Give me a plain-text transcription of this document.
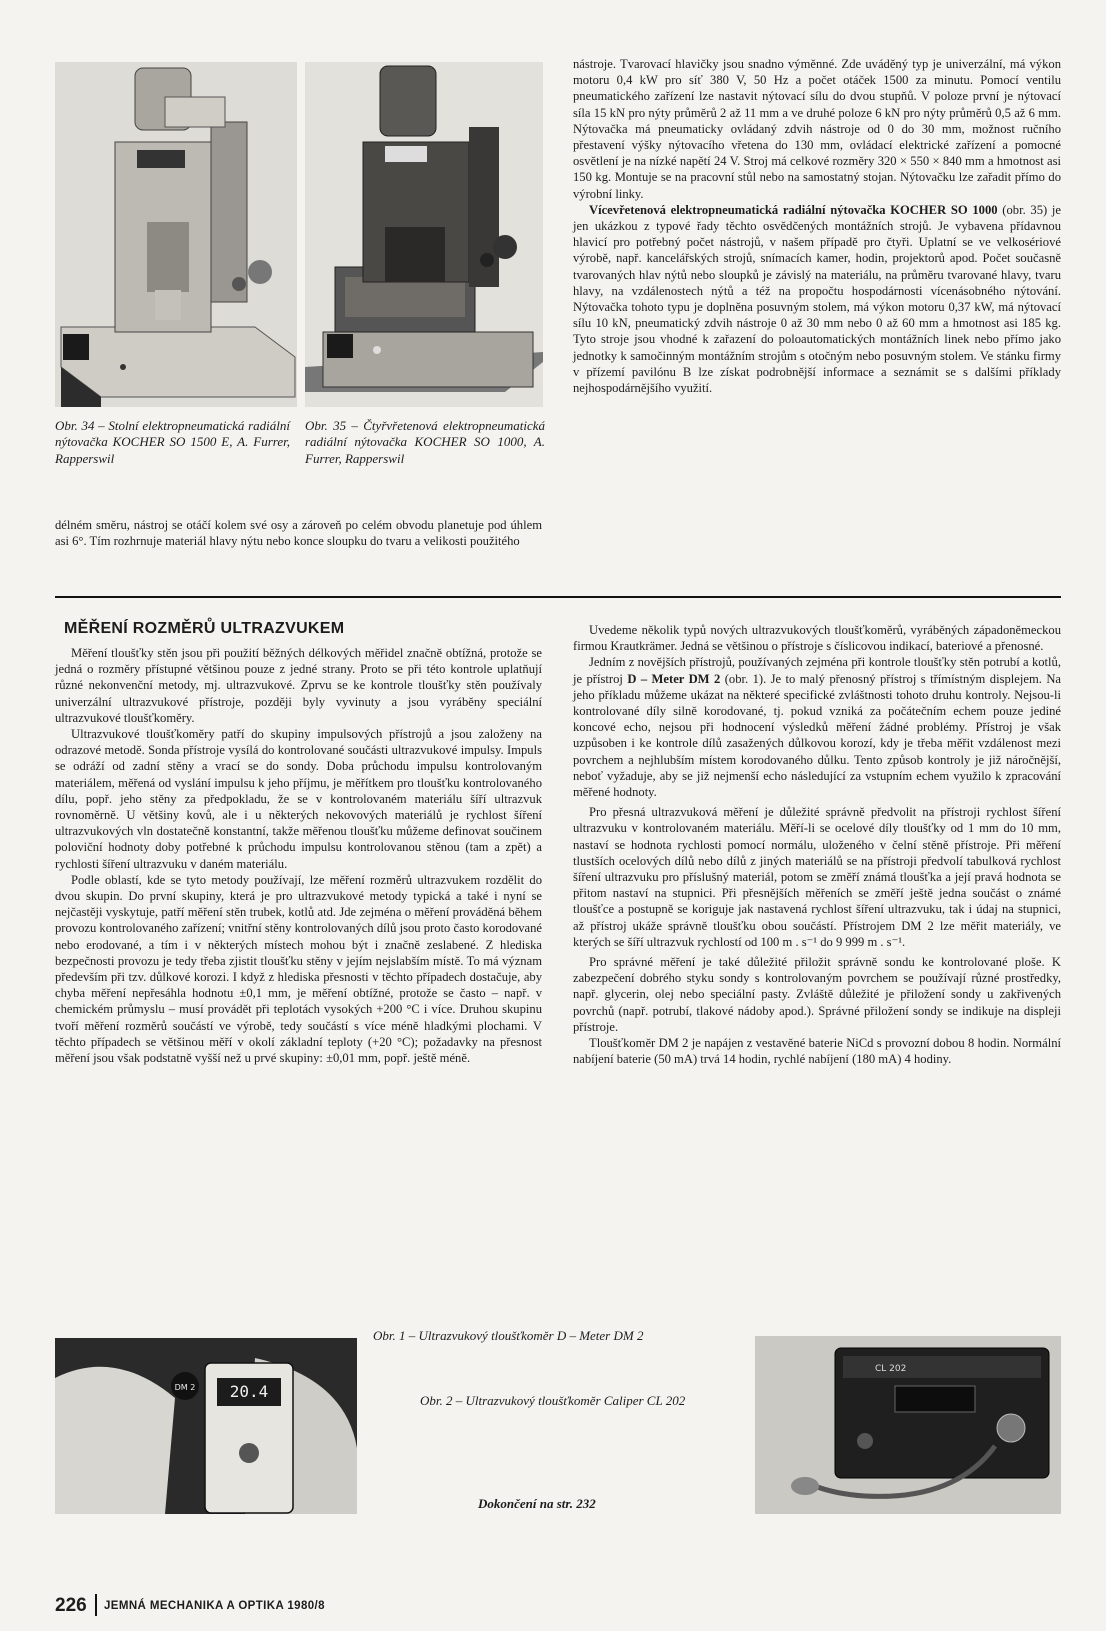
Obr. 34 – Stolní elektropneumatická radiální nýtovačka KOCHER SO 1500 E, A. Furrer, Rapperswil
Obr. 35 – Čtyřvřetenová elektropneumatická radiální nýtovačka KOCHER SO 1000, A. Furrer, Rapperswil

délném směru, nástroj se otáčí kolem své osy a zároveň po celém obvodu planetuje pod úhlem asi 6°. Tím rozhrnuje materiál hlavy nýtu nebo konce sloupku do tvaru a velikosti použitého

nástroje. Tvarovací hlavičky jsou snadno výměnné. Zde uváděný typ je univerzální, má výkon motoru 0,4 kW pro síť 380 V, 50 Hz a počet otáček 1500 za minutu. Pomocí ventilu pneumatického zařízení lze nastavit nýtovací sílu do dvou stupňů. V poloze první je nýtovací síla 15 kN pro nýty průměrů 2 až 11 mm a ve druhé poloze 6 kN pro nýty průměrů 0,5 až 6 mm. Nýtovačka má pneumaticky ovládaný zdvih nástroje od 0 do 30 mm, možnost ručního přestavení výšky nýtovacího vřetena do 130 mm, ovládací elektrické zařízení a pomocné osvětlení je na nízké napětí 24 V. Stroj má celkové rozměry 320 × 550 × 840 mm a hmotnost asi 150 kg. Montuje se na pracovní stůl nebo na samostatný stojan. Nýtovačku lze zařadit přímo do výrobní linky.

Vícevřetenová elektropneumatická radiální nýtovačka KOCHER SO 1000 (obr. 35) je jen ukázkou z typové řady těchto osvědčených montážních strojů. Je vybavena přídavnou hlavicí pro potřebný počet nástrojů, v našem případě pro čtyři. Uplatní se ve velkosériové výrobě, např. kancelářských strojů, snímacích kamer, hodin, projektorů apod. Počet současně tvarovaných hlav nýtů nebo sloupků je závislý na materiálu, na průměru tvarované hlavy, tvaru hlavy, na vzdálenostech nýtů a též na propočtu hospodárnosti vícenásobného nýtování. Nýtovačka tohoto typu je doplněna posuvným stolem, má výkon motoru 0,37 kW, má nýtovací sílu 10 kN, pneumatický zdvih nástroje 0 až 30 mm nebo 0 až 60 mm a hmotnost asi 185 kg. Tyto stroje jsou vhodné k zařazení do poloautomatických montážních linek nebo přímo jako jednotky k samočinným montážním strojům s otočným nebo posuvným stolem. Ve stánku firmy v přízemí pavilónu B lze získat podrobnější informace a seznámit se s dalšími příklady nejhospodárnějšího využití.

MĚŘENÍ ROZMĚRŮ ULTRAZVUKEM

Měření tloušťky stěn jsou při použití běžných délkových měřidel značně obtížná, protože se jedná o rozměry přístupné většinou pouze z jedné strany. Proto se při této kontrole uplatňují různé nekonvenční metody, mj. ultrazvukové. Zprvu se ke kontrole tloušťky stěn používaly univerzální ultrazvukové přístroje, později byly vyvinuty a jsou vyráběny speciální ultrazvukové tloušťkoměry.

Ultrazvukové tloušťkoměry patří do skupiny impulsových přístrojů a jsou založeny na odrazové metodě. Sonda přístroje vysílá do kontrolované součásti ultrazvukové impulsy. Impuls se odráží od zadní stěny a vrací se do sondy. Doba průchodu impulsu kontrolovaným materiálem, měřená od vyslání impulsu k jeho příjmu, je měřítkem pro tloušťku kontrolovaného dílu, popř. jeho stěny za předpokladu, že se v kontrolovaném materiálu šíří ultrazvuk rovnoměrně. U většiny kovů, ale i u některých nekovových materiálů je rychlost šíření ultrazvukových vln dostatečně konstantní, takže měřenou tloušťku můžeme definovat součinem poloviční hodnoty doby potřebné k průchodu impulsu kontrolovanou stěnou (tam a zpět) a rychlosti šíření ultrazvuku v daném materiálu.

Podle oblastí, kde se tyto metody používají, lze měření rozměrů ultrazvukem rozdělit do dvou skupin. Do první skupiny, která je pro ultrazvukové metody typická a také i nyní se nejčastěji vyskytuje, patří měření stěn trubek, kotlů atd. Jde zejména o měření prováděná během provozu kontrolovaného zařízení; vnitřní stěny kontrolovaných dílů jsou proto často korodované nebo erodované, a tím i v některých místech mohou být i značně zeslabené. Z hlediska bezpečnosti provozu je tedy třeba zjistit tloušťku stěny v jejím nejslabším místě. To má význam především při tzv. důlkové korozi. I když z hlediska přesnosti v těchto případech dostačuje, aby chyba měření nepřesáhla hodnotu ±0,1 mm, je měření obtížné, protože se často – např. v chemickém průmyslu – musí provádět při teplotách vysokých +200 °C i více. Druhou skupinu tvoří měření rozměrů součástí ve výrobě, tedy součástí s více méně hladkými plochami. V těchto případech se většinou měří v okolí základní teploty (+20 °C); požadavky na přesnost měření jsou však podstatně vyšší než u prvé skupiny: ±0,01 mm, popř. ještě méně.

Uvedeme několik typů nových ultrazvukových tloušťkoměrů, vyráběných západoněmeckou firmou Krautkrämer. Jedná se většinou o přístroje s číslicovou indikací, bateriové a přenosné.

Jedním z novějších přístrojů, používaných zejména při kontrole tloušťky stěn potrubí a kotlů, je přístroj D – Meter DM 2 (obr. 1). Je to malý přenosný přístroj s třímístným displejem. Na jeho příkladu můžeme ukázat na některé specifické zvláštnosti tohoto druhu kontroly. Nejsou-li kontrolované díly silně korodované, tj. pokud vzniká za počátečním echem pouze jediné koncové echo, nejsou při hodnocení výsledků měření žádné problémy. Přístroj je však uzpůsoben i ke kontrole dílů zasažených důlkovou korozí, kdy je třeba měřit vzdálenost mezi povrchem a nejhlubším místem korodovaného důlku. Tento způsob kontroly je již náročnější, neboť vyžaduje, aby se již nejmenší echo následující za vstupním echem využilo k zpracování měřené hodnoty.

Pro přesná ultrazvuková měření je důležité správně předvolit na přístroji rychlost šíření ultrazvuku v kontrolovaném materiálu. Měří-li se ocelové díly tloušťky od 1 mm do 10 mm, nastaví se hodnota rychlosti pomocí normálu, uloženého v čelní stěně přístroje. Při měření tlustších ocelových dílů nebo dílů z jiných materiálů se na přístroji předvolí tabulková rychlost šíření ultrazvuku pro příslušný materiál, potom se změří známá tloušťka a její pravá hodnota se přitom nastaví na stupnici. Při přesnějších měřeních se změří ještě jedna součást o známé tloušťce a postupně se koriguje jak nastavená rychlost šíření ultrazvuku, tak i údaj na stupnici, až přístroj ukáže správně tloušťku obou součástí. Přístrojem DM 2 lze měřit materiály, ve kterých se šíří ultrazvuk rychlostí od 100 m . s⁻¹ do 9 999 m . s⁻¹.

Pro správné měření je také důležité přiložit správně sondu ke kontrolované ploše. K zabezpečení dobrého styku sondy s kontrolovaným povrchem se používají různé prostředky, např. glycerin, olej nebo speciální pasty. Zvláště důležité je přiložení sondy u zakřivených povrchů (např. potrubí, tlakové nádoby apod.). Správné přiložení sondy se indikuje na displeji přístroje.

Tloušťkoměr DM 2 je napájen z vestavěné baterie NiCd s provozní dobou 8 hodin. Normální nabíjení baterie (50 mA) trvá 14 hodin, rychlé nabíjení (180 mA) 4 hodiny.

20.4
DM 2
Obr. 1 – Ultrazvukový tloušťkoměr D – Meter DM 2
Obr. 2 – Ultrazvukový tloušťkoměr Caliper CL 202
Dokončení na str. 232
CL 202
226 JEMNÁ MECHANIKA A OPTIKA 1980/8
